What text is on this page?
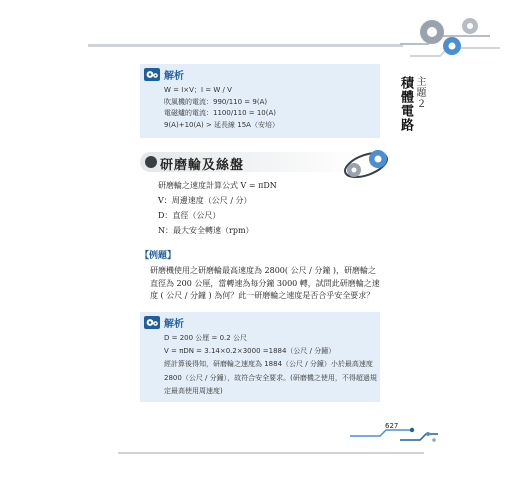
主題２
積體電路
解析
W = I×V；I = W / V
吹風機的電流：990/110 = 9(A)
電磁爐的電流：1100/110 = 10(A)
9(A)+10(A) > 延長線 15A（安培）
研磨輪及絲盤
研磨輪之速度計算公式 V = πDN
V：周邊速度（公尺 / 分）
D：直徑（公尺）
N：最大安全轉速（rpm）
【例題】
研磨機使用之研磨輪最高速度為 2800( 公尺 / 分鐘 )，研磨輪之
直徑為 200 公厘，當轉速為每分鐘 3000 轉，試問此研磨輪之速
度 ( 公尺 / 分鐘 ) 為何？此一研磨輪之速度是否合乎安全要求？
解析
D = 200 公厘 = 0.2 公尺
V = πDN = 3.14×0.2×3000 =1884（公尺 / 分鐘）
經計算後得知，研磨輪之速度為 1884（公尺 / 分鐘）小於最高速度
2800（公尺 / 分鐘），故符合安全要求。(研磨機之使用，不得超過規
定最高使用周速度)
627
